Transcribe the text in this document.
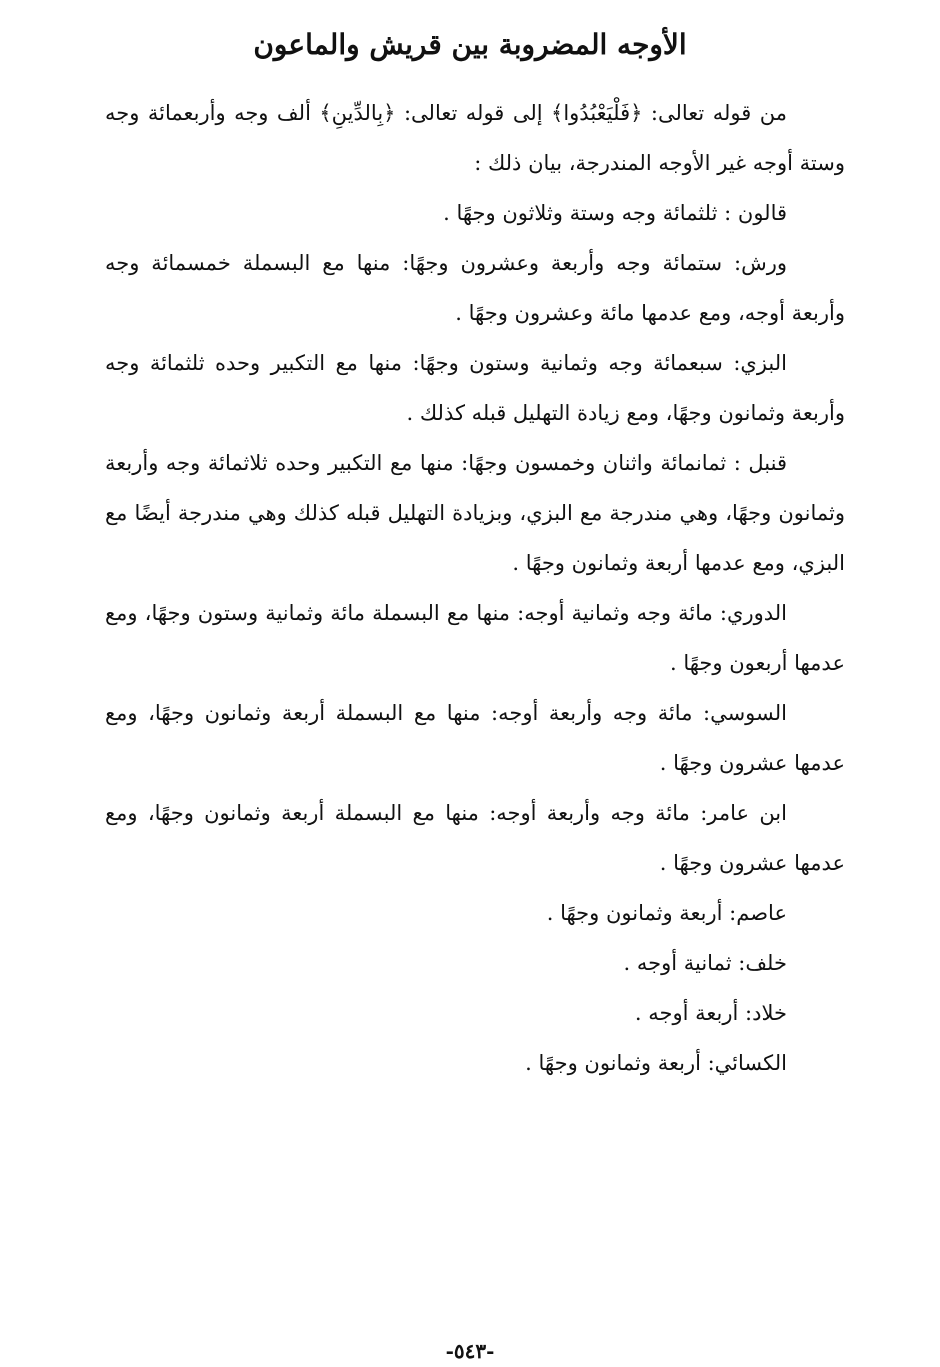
الأوجه المضروبة بين قريش والماعون

من قوله تعالى: ﴿فَلْيَعْبُدُوا﴾ إلى قوله تعالى: ﴿بِالدِّينِ﴾ ألف وجه وأربعمائة وجه وستة أوجه غير الأوجه المندرجة، بيان ذلك :

قالون : ثلثمائة وجه وستة وثلاثون وجهًا .

ورش: ستمائة وجه وأربعة وعشرون وجهًا: منها مع البسملة خمسمائة وجه وأربعة أوجه، ومع عدمها مائة وعشرون وجهًا .

البزي: سبعمائة وجه وثمانية وستون وجهًا: منها مع التكبير وحده ثلثمائة وجه وأربعة وثمانون وجهًا، ومع زيادة التهليل قبله كذلك .

قنبل : ثمانمائة واثنان وخمسون وجهًا: منها مع التكبير وحده ثلاثمائة وجه وأربعة وثمانون وجهًا، وهي مندرجة مع البزي، وبزيادة التهليل قبله كذلك وهي مندرجة أيضًا مع البزي، ومع عدمها أربعة وثمانون وجهًا .

الدوري: مائة وجه وثمانية أوجه: منها مع البسملة مائة وثمانية وستون وجهًا، ومع عدمها أربعون وجهًا .

السوسي: مائة وجه وأربعة أوجه: منها مع البسملة أربعة وثمانون وجهًا، ومع عدمها عشرون وجهًا .

ابن عامر: مائة وجه وأربعة أوجه: منها مع البسملة أربعة وثمانون وجهًا، ومع عدمها عشرون وجهًا .

عاصم: أربعة وثمانون وجهًا .

خلف: ثمانية أوجه .

خلاد: أربعة أوجه .

الكسائي: أربعة وثمانون وجهًا .

-٥٤٣-
